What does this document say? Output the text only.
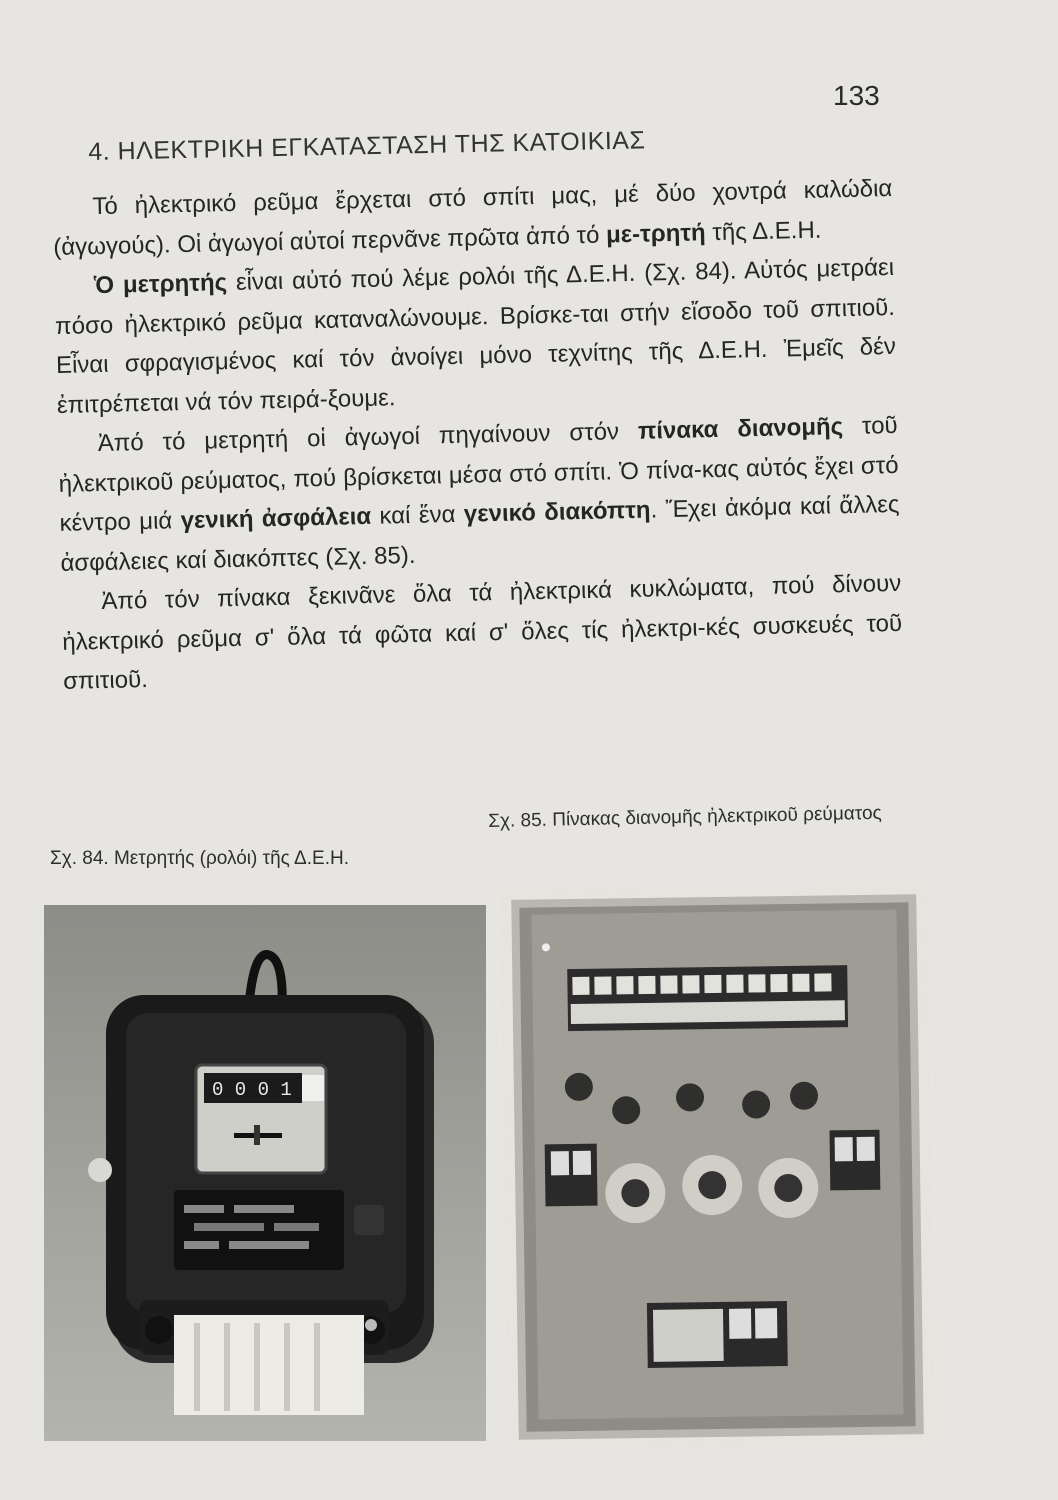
133
4. ΗΛΕΚΤΡΙΚΗ ΕΓΚΑΤΑΣΤΑΣΗ ΤΗΣ ΚΑΤΟΙΚΙΑΣ

Τό ἠλεκτρικό ρεῦμα ἔρχεται στό σπίτι μας, μέ δύο χοντρά καλώδια (ἀγωγούς). Οἱ ἀγωγοί αὐτοί περνᾶνε πρῶτα ἀπό τό με-τρητή τῆς Δ.Ε.Η.

Ὁ μετρητής εἶναι αὐτό πού λέμε ρολόι τῆς Δ.Ε.Η. (Σχ. 84). Αὐτός μετράει πόσο ἠλεκτρικό ρεῦμα καταναλώνουμε. Βρίσκε-ται στήν εἴσοδο τοῦ σπιτιοῦ. Εἶναι σφραγισμένος καί τόν ἀνοίγει μόνο τεχνίτης τῆς Δ.Ε.Η. Ἐμεῖς δέν ἐπιτρέπεται νά τόν πειρά-ξουμε.

Ἀπό τό μετρητή οἱ ἀγωγοί πηγαίνουν στόν πίνακα διανομῆς τοῦ ἠλεκτρικοῦ ρεύματος, πού βρίσκεται μέσα στό σπίτι. Ὁ πίνα-κας αὐτός ἔχει στό κέντρο μιά γενική ἀσφάλεια καί ἕνα γενικό διακόπτη. Ἔχει ἀκόμα καί ἄλλες ἀσφάλειες καί διακόπτες (Σχ. 85).

Ἀπό τόν πίνακα ξεκινᾶνε ὅλα τά ἠλεκτρικά κυκλώματα, πού δίνουν ἠλεκτρικό ρεῦμα σ' ὅλα τά φῶτα καί σ' ὅλες τίς ἠλεκτρι-κές συσκευές τοῦ σπιτιοῦ.

Σχ. 85. Πίνακας διανομῆς ἠλεκτρικοῦ ρεύματος
Σχ. 84. Μετρητής (ρολόι) τῆς Δ.Ε.Η.
0 0 0 1
